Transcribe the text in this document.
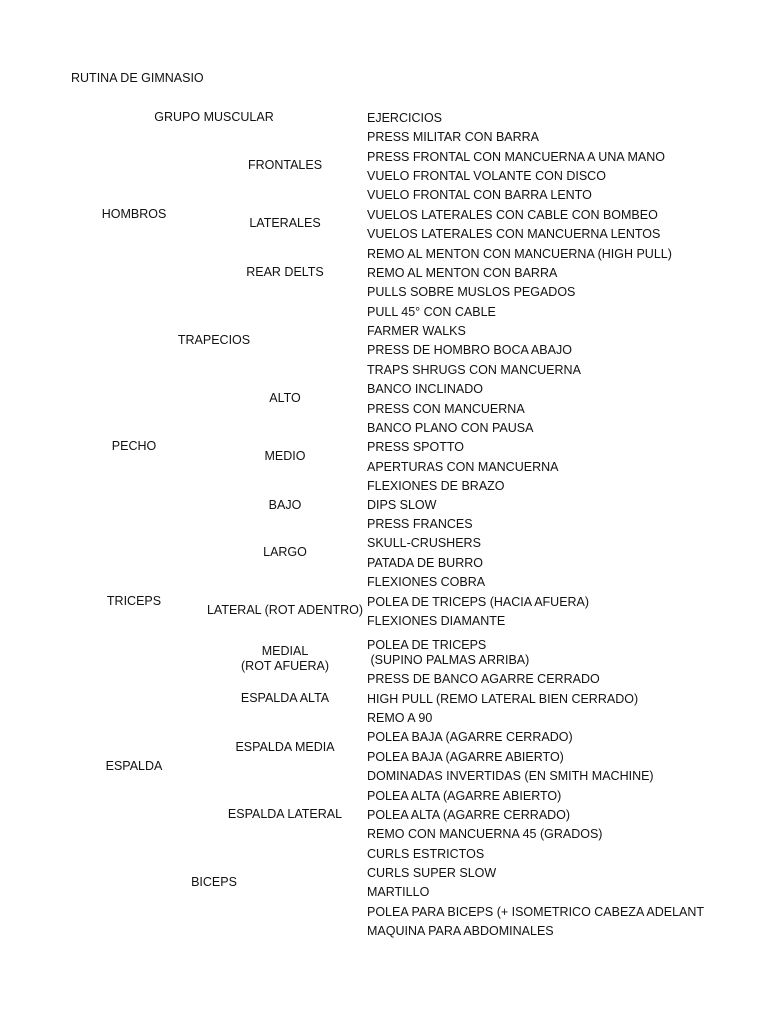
RUTINA DE GIMNASIO
GRUPO MUSCULAR	EJERCICIOS
HOMBROS
TRAPECIOS
PECHO
TRICEPS
ESPALDA
BICEPS
FRONTALES
LATERALES
REAR DELTS
ALTO
MEDIO
BAJO
LARGO
LATERAL (ROT ADENTRO)
MEDIAL
(ROT AFUERA)
ESPALDA ALTA
ESPALDA MEDIA
ESPALDA LATERAL
PRESS MILITAR CON BARRA
PRESS FRONTAL CON MANCUERNA A UNA MANO
VUELO FRONTAL VOLANTE CON DISCO
VUELO FRONTAL CON BARRA LENTO
VUELOS LATERALES CON CABLE CON BOMBEO
VUELOS LATERALES CON MANCUERNA LENTOS
REMO AL MENTON CON MANCUERNA (HIGH PULL)
REMO AL MENTON CON BARRA
PULLS SOBRE MUSLOS PEGADOS
PULL 45° CON CABLE
FARMER WALKS
PRESS DE HOMBRO BOCA ABAJO
TRAPS SHRUGS CON MANCUERNA
BANCO INCLINADO
PRESS CON MANCUERNA
BANCO PLANO CON PAUSA
PRESS SPOTTO
APERTURAS CON MANCUERNA
FLEXIONES DE BRAZO
DIPS SLOW
PRESS FRANCES
SKULL-CRUSHERS
PATADA DE BURRO
FLEXIONES COBRA
POLEA DE TRICEPS (HACIA AFUERA)
FLEXIONES DIAMANTE
POLEA DE TRICEPS
(SUPINO PALMAS ARRIBA)
PRESS DE BANCO AGARRE CERRADO
HIGH PULL (REMO LATERAL BIEN CERRADO)
REMO A 90
POLEA BAJA (AGARRE CERRADO)
POLEA BAJA (AGARRE ABIERTO)
DOMINADAS INVERTIDAS (EN SMITH MACHINE)
POLEA ALTA (AGARRE ABIERTO)
POLEA ALTA (AGARRE CERRADO)
REMO CON MANCUERNA 45 (GRADOS)
CURLS ESTRICTOS
CURLS SUPER SLOW
MARTILLO
POLEA PARA BICEPS (+ ISOMETRICO CABEZA ADELANT
MAQUINA PARA ABDOMINALES
